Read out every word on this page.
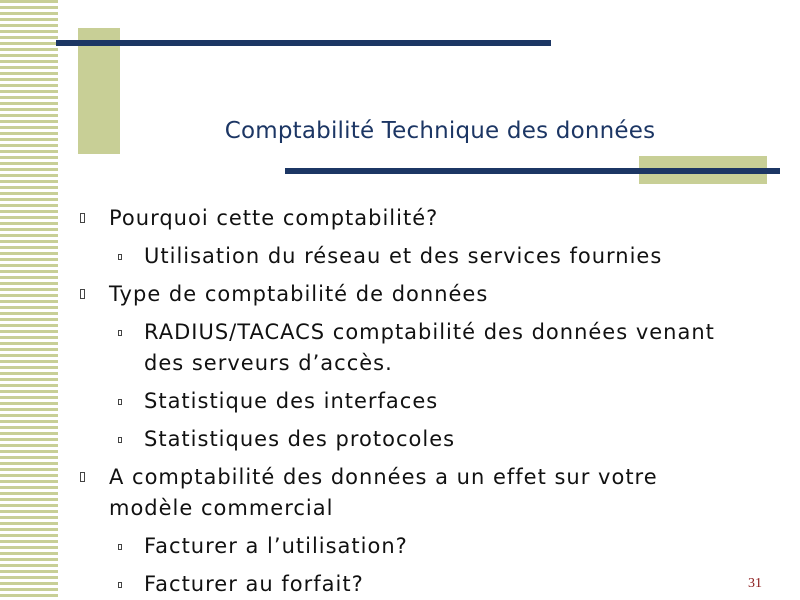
Comptabilité Technique des données
Pourquoi cette comptabilité?
Utilisation du réseau et des services fournies
Type de comptabilité de données
RADIUS/TACACS comptabilité des données venant des serveurs d’accès.
Statistique des interfaces
Statistiques des protocoles
A comptabilité des données a un effet sur votre modèle commercial
Facturer a l’utilisation?
Facturer au forfait?	31
